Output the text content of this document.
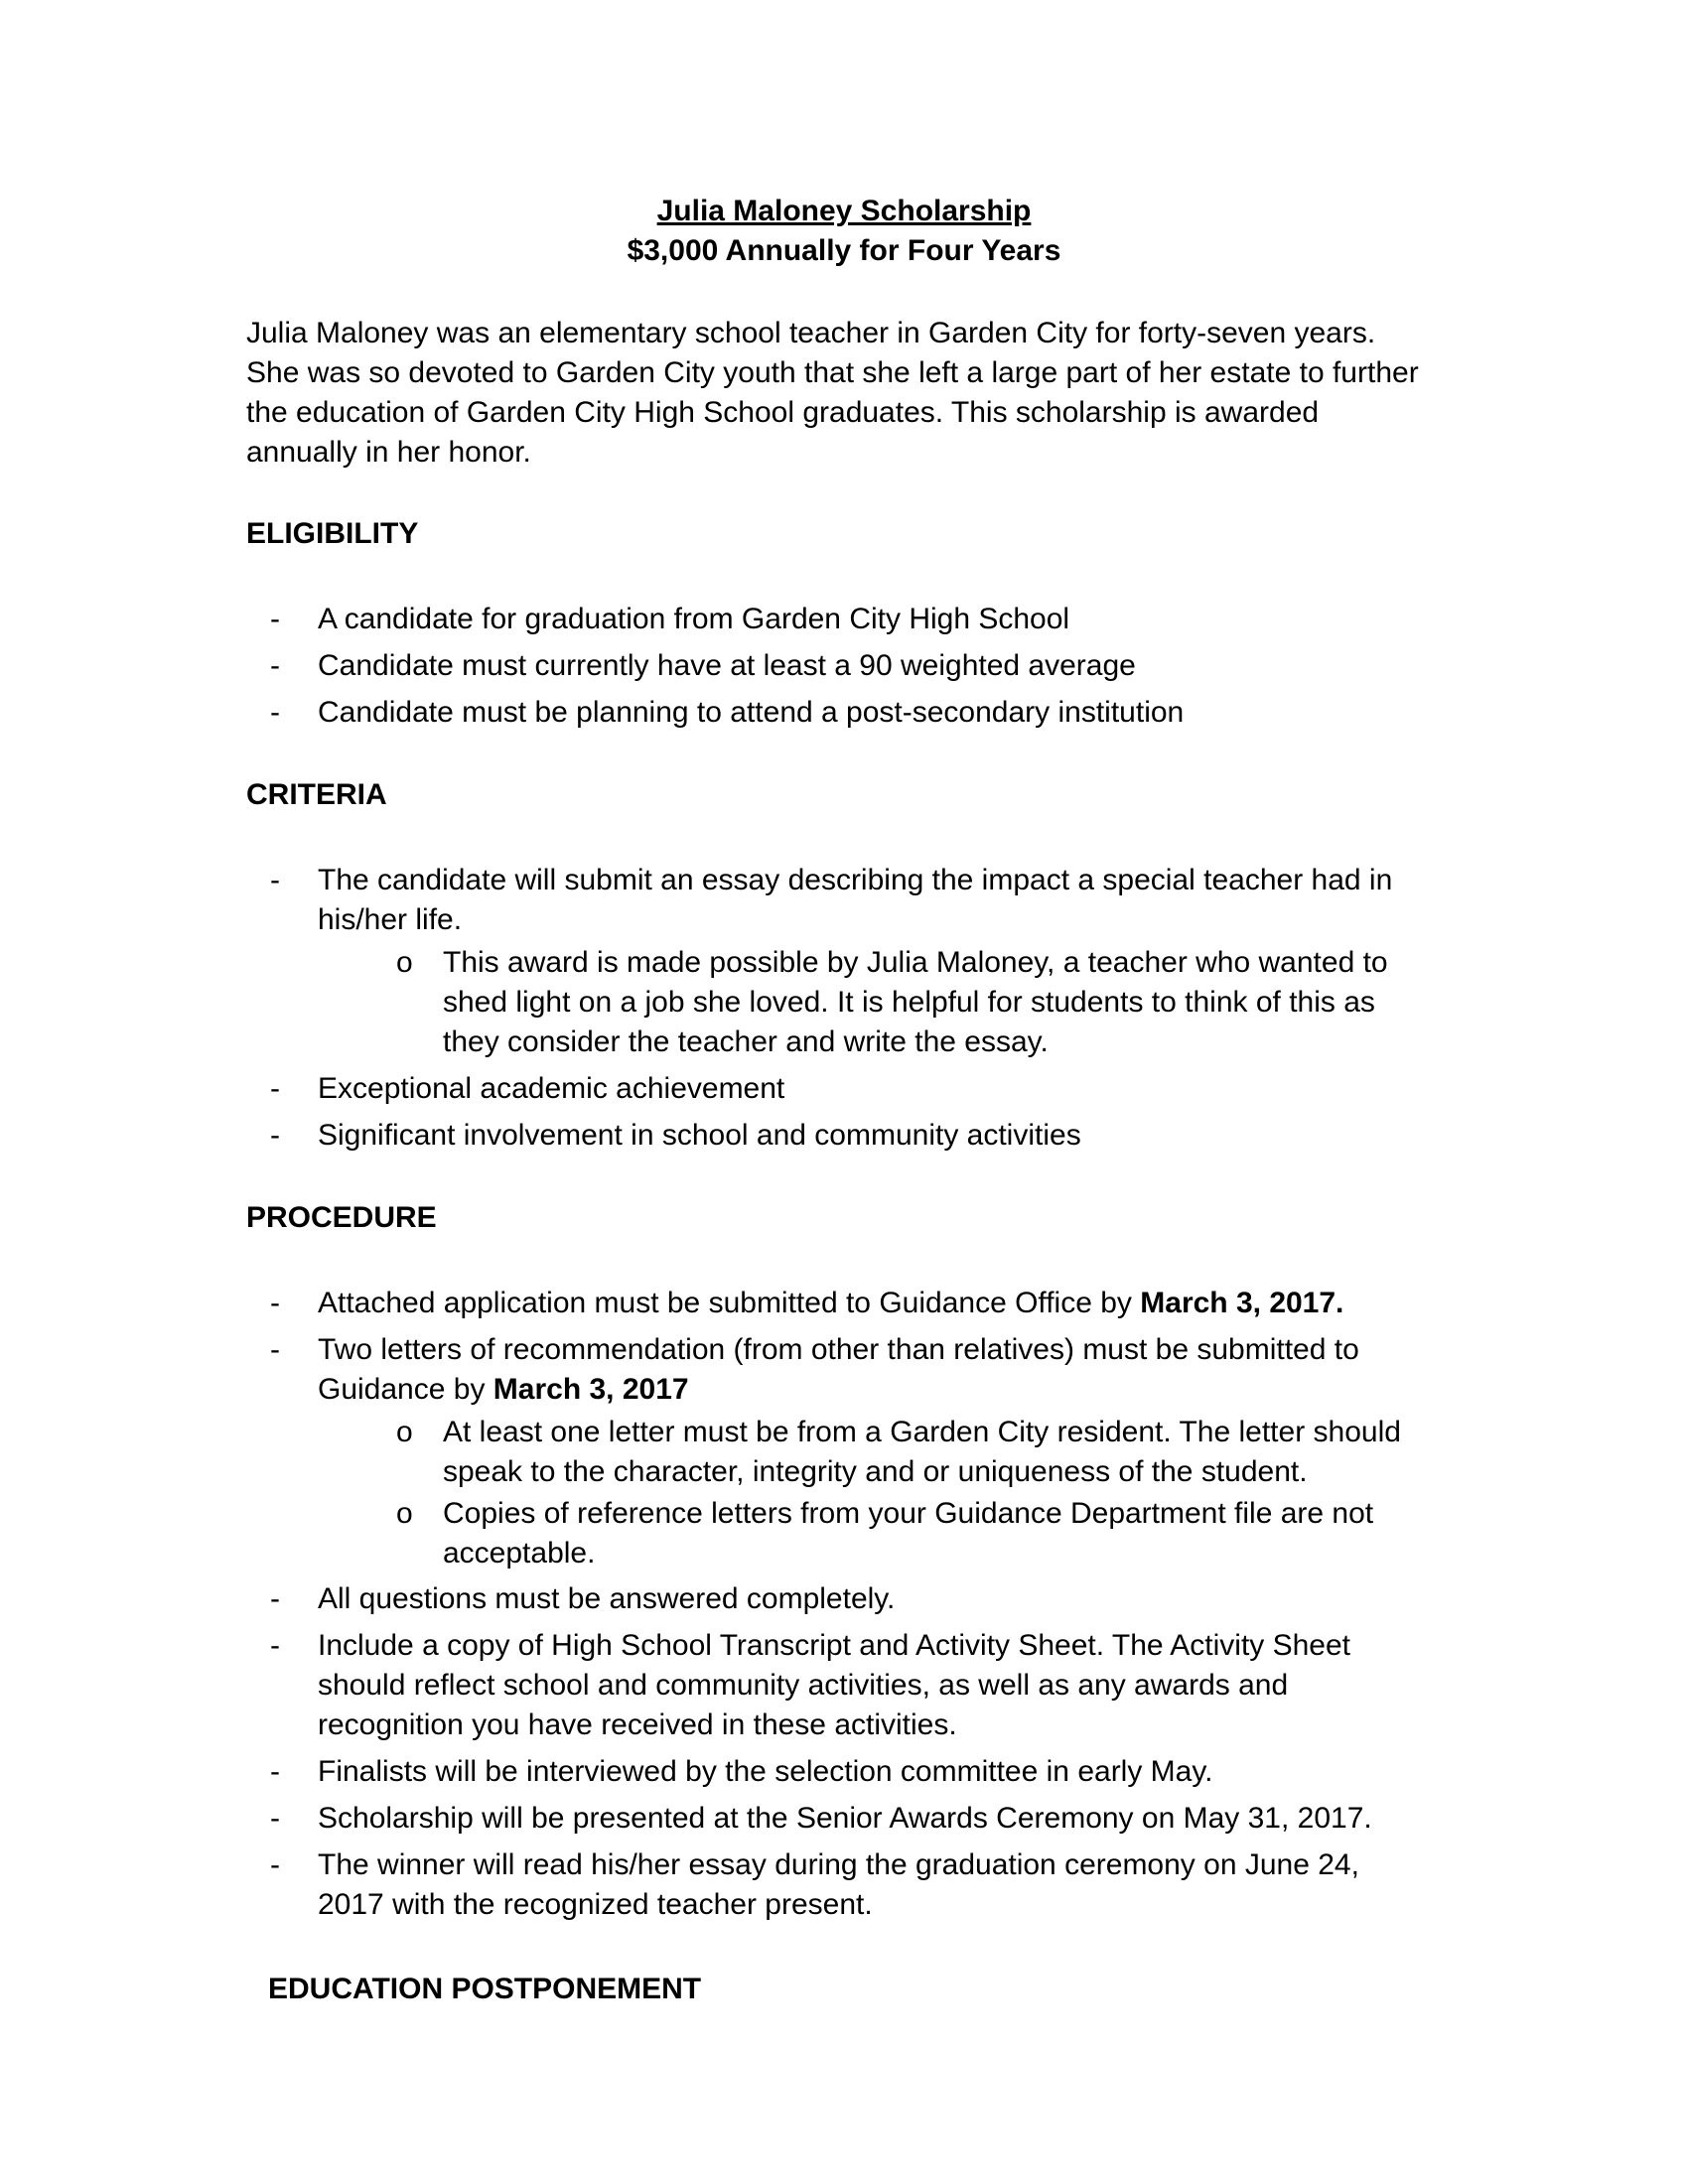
Julia Maloney Scholarship
$3,000 Annually for Four Years
Julia Maloney was an elementary school teacher in Garden City for forty-seven years. She was so devoted to Garden City youth that she left a large part of her estate to further the education of Garden City High School graduates. This scholarship is awarded annually in her honor.
ELIGIBILITY
- A candidate for graduation from Garden City High School
- Candidate must currently have at least a 90 weighted average
- Candidate must be planning to attend a post-secondary institution
CRITERIA
- The candidate will submit an essay describing the impact a special teacher had in his/her life.
o This award is made possible by Julia Maloney, a teacher who wanted to shed light on a job she loved. It is helpful for students to think of this as they consider the teacher and write the essay.
- Exceptional academic achievement
- Significant involvement in school and community activities
PROCEDURE
- Attached application must be submitted to Guidance Office by March 3, 2017.
- Two letters of recommendation (from other than relatives) must be submitted to Guidance by March 3, 2017
o At least one letter must be from a Garden City resident. The letter should speak to the character, integrity and or uniqueness of the student.
o Copies of reference letters from your Guidance Department file are not acceptable.
- All questions must be answered completely.
- Include a copy of High School Transcript and Activity Sheet. The Activity Sheet should reflect school and community activities, as well as any awards and recognition you have received in these activities.
- Finalists will be interviewed by the selection committee in early May.
- Scholarship will be presented at the Senior Awards Ceremony on May 31, 2017.
- The winner will read his/her essay during the graduation ceremony on June 24, 2017 with the recognized teacher present.
EDUCATION POSTPONEMENT
